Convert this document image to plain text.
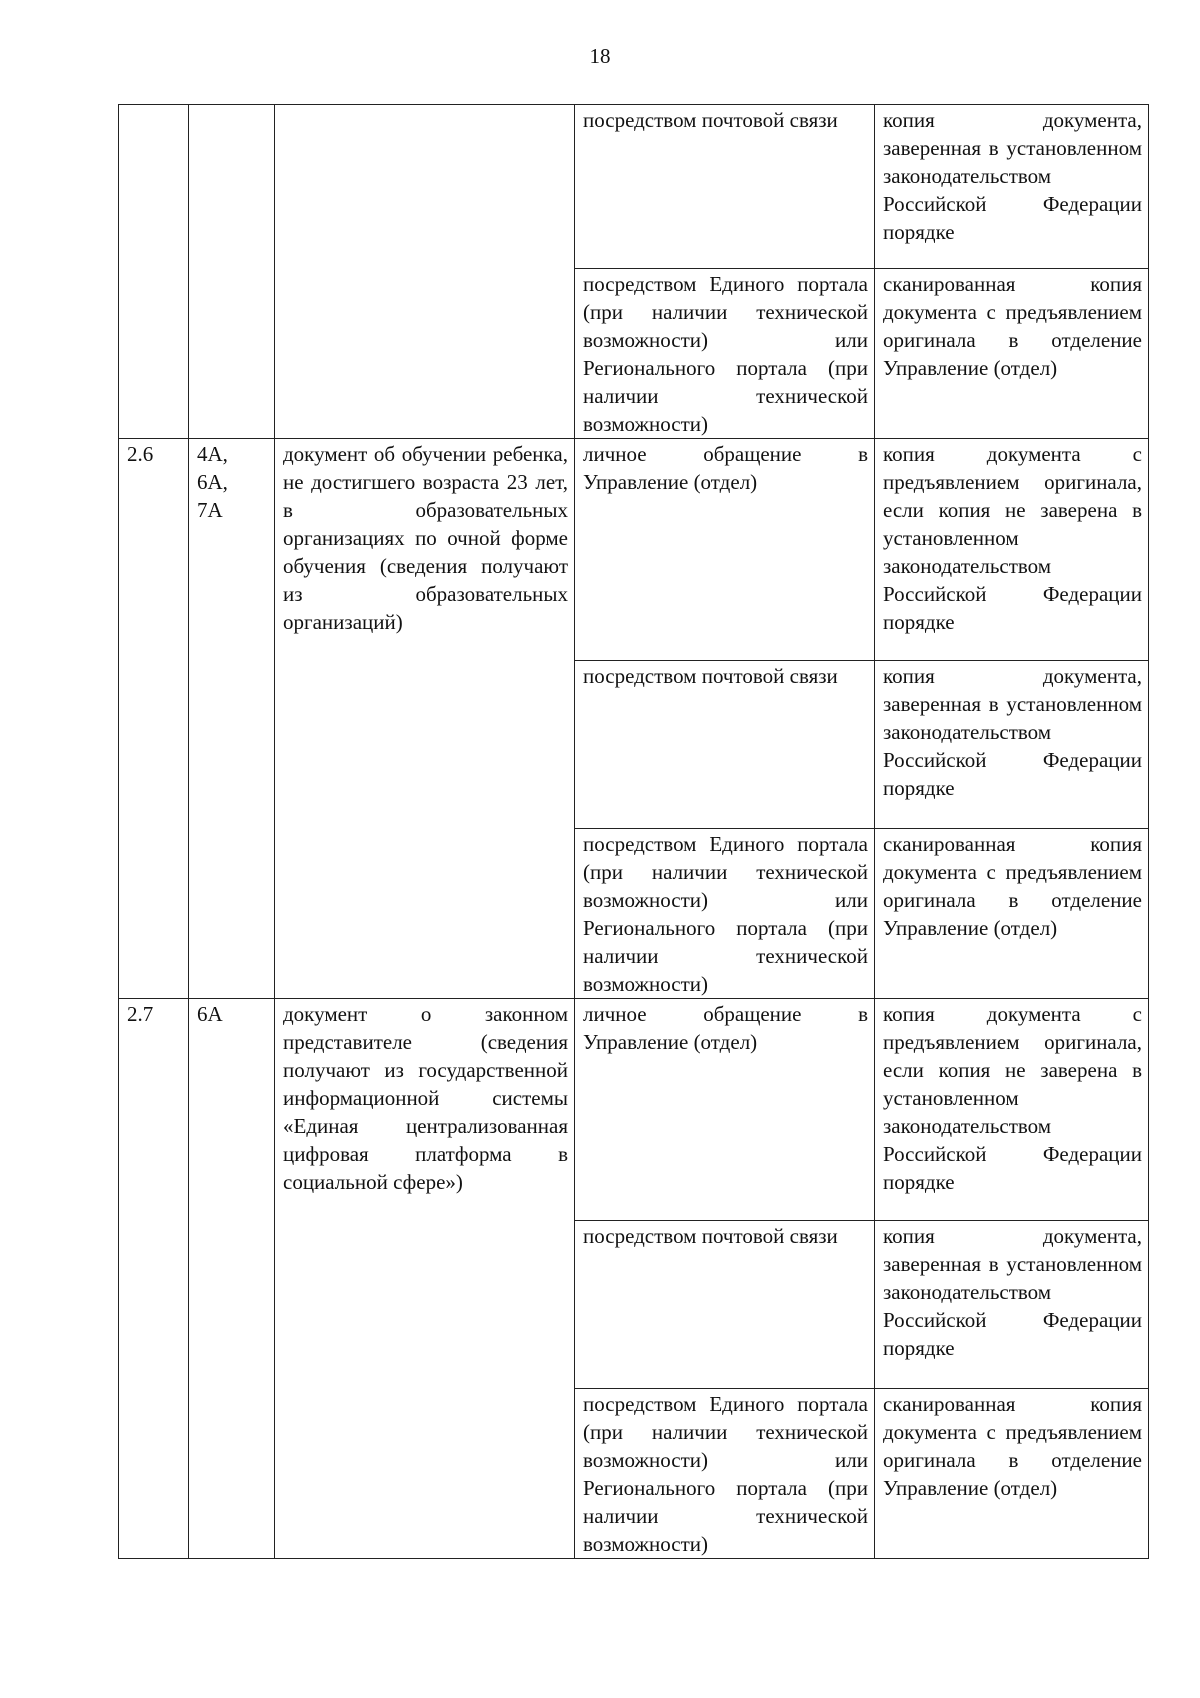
18
			посредством почтовой связи	копия документа, заверенная в установленном законодательством Российской Федерации порядке
			посредством Единого портала (при наличии технической возможности) или Регионального портала (при наличии технической возможности)	сканированная копия документа с предъявлением оригинала в отделение Управление (отдел)
2.6	4А,
6А,
7А	документ об обучении ребенка, не достигшего возраста 23 лет, в образовательных организациях по очной форме обучения (сведения получают из образовательных организаций)	личное обращение в Управление (отдел)	копия документа с предъявлением оригинала, если копия не заверена в установленном законодательством Российской Федерации порядке
			посредством почтовой связи	копия документа, заверенная в установленном законодательством Российской Федерации порядке
			посредством Единого портала (при наличии технической возможности) или Регионального портала (при наличии технической возможности)	сканированная копия документа с предъявлением оригинала в отделение Управление (отдел)
2.7	6А	документ о законном представителе (сведения получают из государственной информационной системы «Единая централизованная цифровая платформа в социальной сфере»)	личное обращение в Управление (отдел)	копия документа с предъявлением оригинала, если копия не заверена в установленном законодательством Российской Федерации порядке
			посредством почтовой связи	копия документа, заверенная в установленном законодательством Российской Федерации порядке
			посредством Единого портала (при наличии технической возможности) или Регионального портала (при наличии технической возможности)	сканированная копия документа с предъявлением оригинала в отделение Управление (отдел)
